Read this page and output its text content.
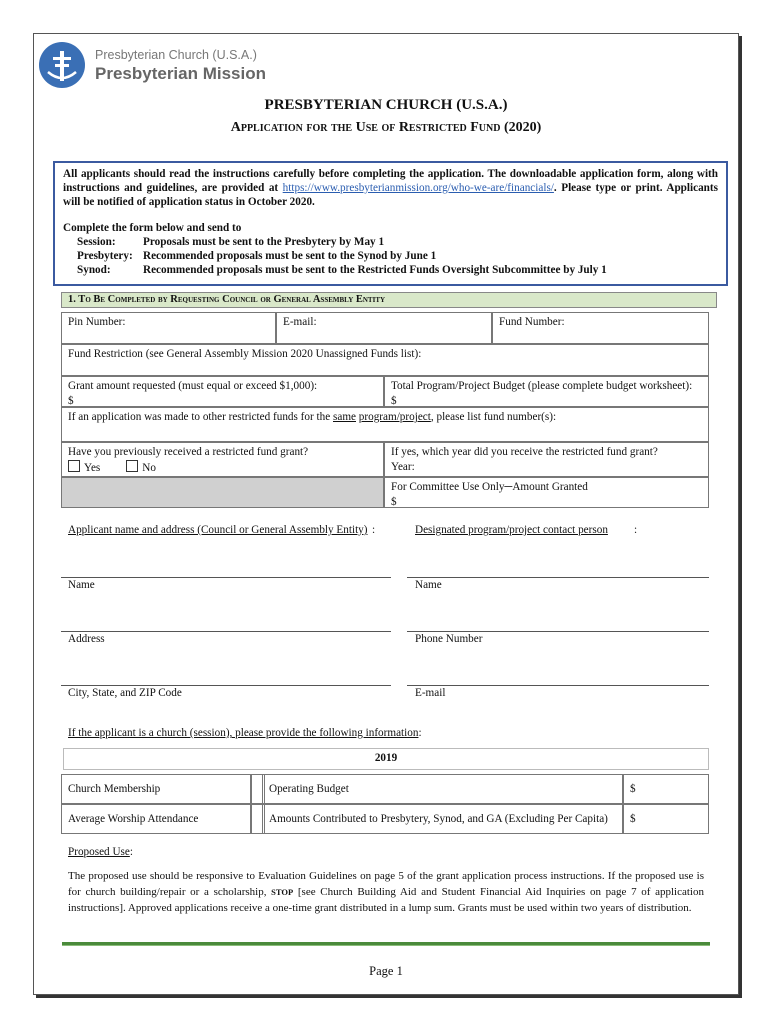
Presbyterian Church (U.S.A.)
Presbyterian Mission
PRESBYTERIAN CHURCH (U.S.A.)
Application for the Use of Restricted Fund (2020)

All applicants should read the instructions carefully before completing the application. The downloadable application form, along with instructions and guidelines, are provided at https://www.presbyterianmission.org/who-we-are/financials/. Please type or print. Applicants will be notified of application status in October 2020.

Complete the form below and send to

Session:	Proposals must be sent to the Presbytery by May 1
Presbytery: Recommended proposals must be sent to the Synod by June 1
Synod:	Recommended proposals must be sent to the Restricted Funds Oversight Subcommittee by July 1
1. To Be Completed by Requesting Council or General Assembly Entity
Pin Number:	E-mail:	Fund Number:
Fund Restriction (see General Assembly Mission 2020 Unassigned Funds list):
Grant amount requested (must equal or exceed $1,000):
$
Total Program/Project Budget (please complete budget worksheet):
$
If an application was made to other restricted funds for the same program/project, please list fund number(s):
Have you previously received a restricted fund grant?
Yes	No
If yes, which year did you receive the restricted fund grant?
Year:
For Committee Use Only─Amount Granted
$
Applicant name and address (Council or General Assembly Entity) :	Designated program/project contact person :
Name	Name
Address	Phone Number
City, State, and ZIP Code	E-mail
If the applicant is a church (session), please provide the following information:
2019
Church Membership	Operating Budget	$
Average Worship Attendance	Amounts Contributed to Presbytery, Synod, and GA (Excluding Per Capita)	$
Proposed Use:
The proposed use should be responsive to Evaluation Guidelines on page 5 of the grant application process instructions. If the proposed use is for church building/repair or a scholarship, STOP [see Church Building Aid and Student Financial Aid Inquiries on page 7 of application instructions]. Approved applications receive a one-time grant distributed in a lump sum. Grants must be used within two years of distribution.
Page 1
